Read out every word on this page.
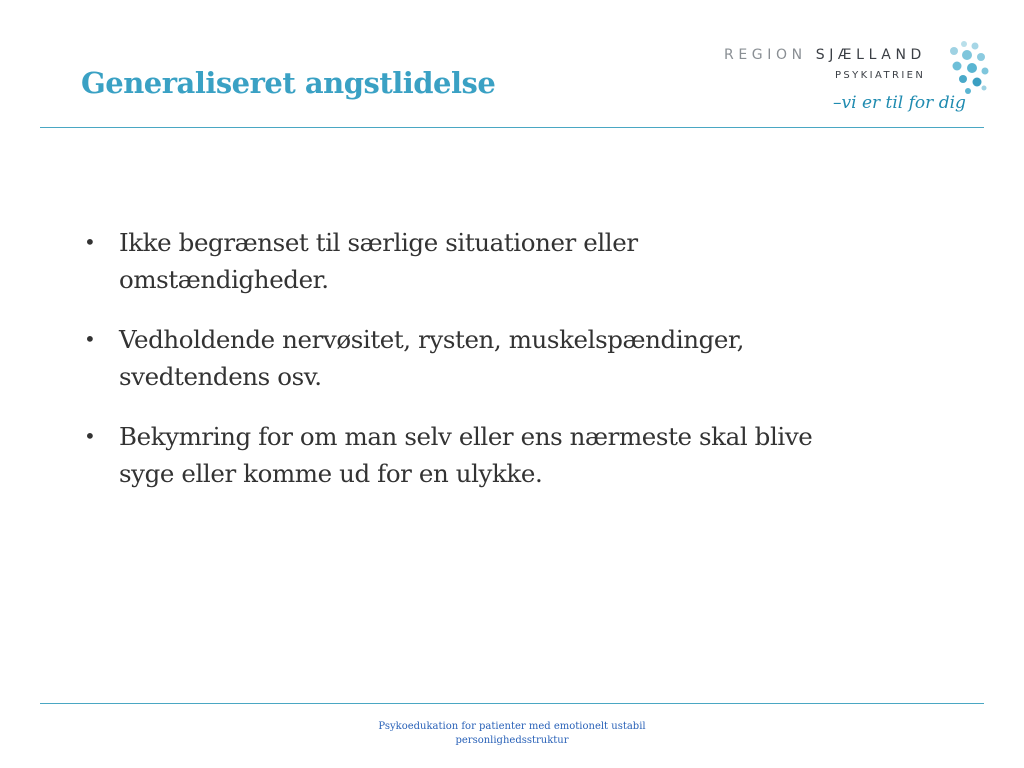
Generaliseret angstlidelse
REGION SJÆLLAND
PSYKIATRIEN
–vi er til for dig
• Ikke begrænset til særlige situationer eller
omstændigheder.
• Vedholdende nervøsitet, rysten, muskelspændinger,
svedtendens osv.
• Bekymring for om man selv eller ens nærmeste skal blive
syge eller komme ud for en ulykke.
Psykoedukation for patienter med emotionelt ustabil
personlighedsstruktur
